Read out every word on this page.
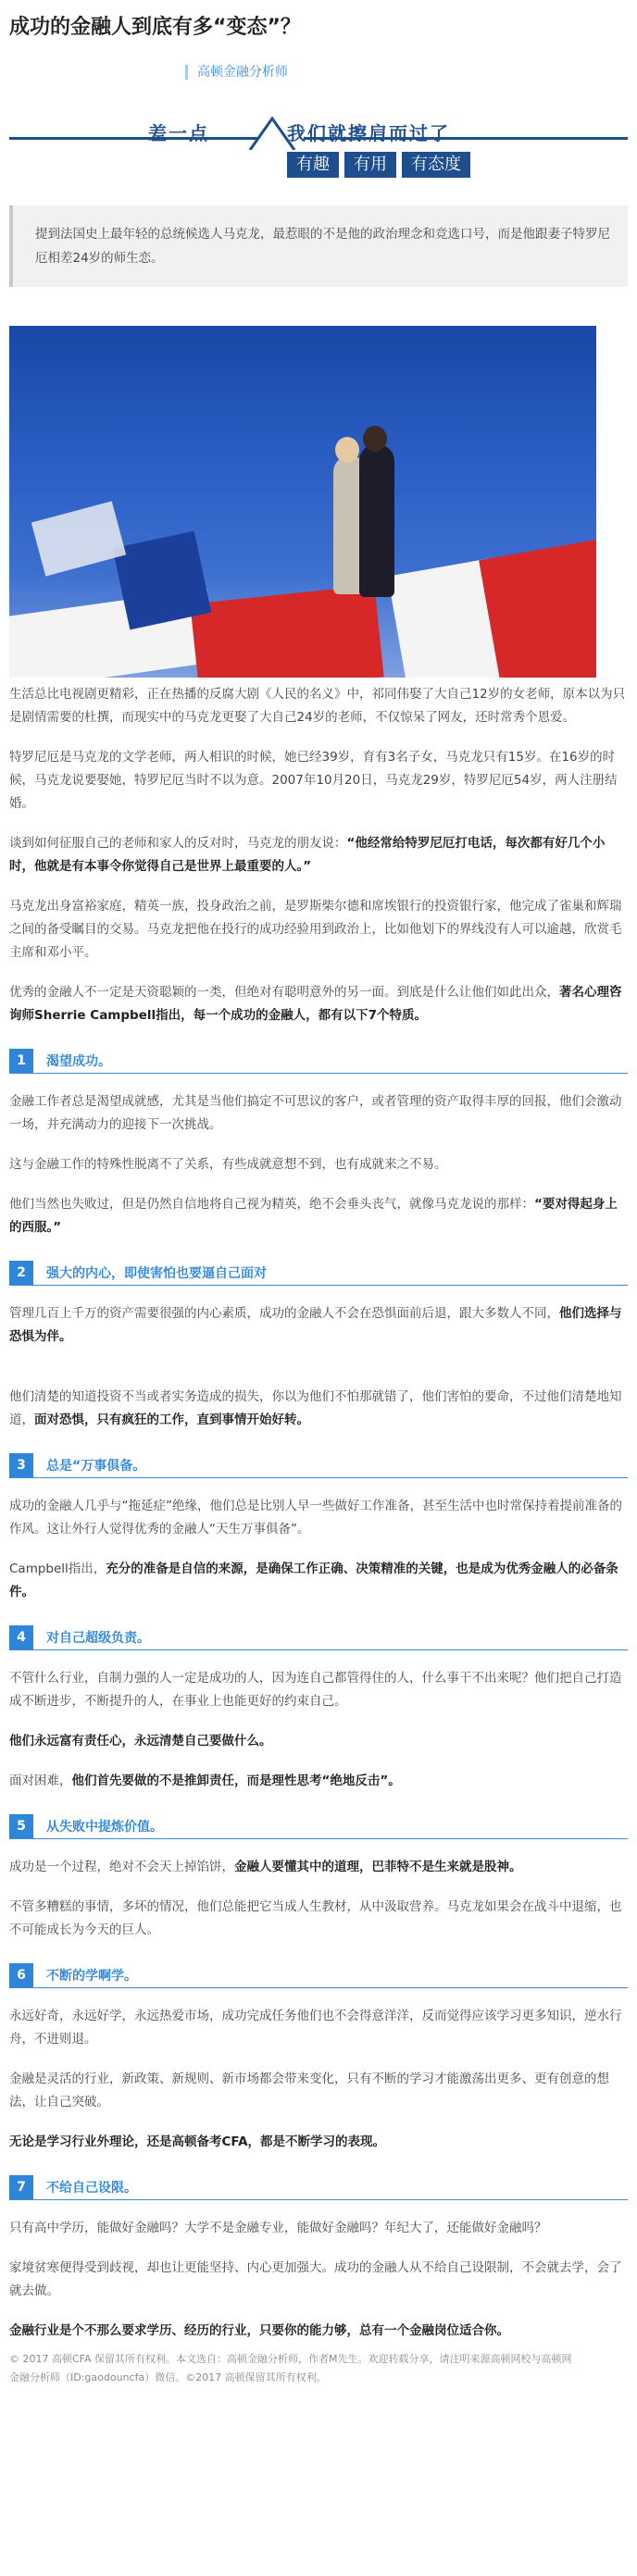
成功的金融人到底有多“变态”？
高顿金融分析师
差一点	我们就擦肩而过了
有趣	有用	有态度
提到法国史上最年轻的总统候选人马克龙，最惹眼的不是他的政治理念和竞选口号，而是他跟妻子特罗尼厄相差24岁的师生恋。

生活总比电视剧更精彩，正在热播的反腐大剧《人民的名义》中，祁同伟娶了大自己12岁的女老师，原本以为只是剧情需要的杜撰，而现实中的马克龙更娶了大自己24岁的老师，不仅惊呆了网友，还时常秀个恩爱。

特罗尼厄是马克龙的文学老师，两人相识的时候，她已经39岁，育有3名子女，马克龙只有15岁。在16岁的时候，马克龙说要娶她，特罗尼厄当时不以为意。2007年10月20日，马克龙29岁，特罗尼厄54岁，两人注册结婚。

谈到如何征服自己的老师和家人的反对时，马克龙的朋友说：“他经常给特罗尼厄打电话，每次都有好几个小时，他就是有本事令你觉得自己是世界上最重要的人。”

马克龙出身富裕家庭，精英一族，投身政治之前，是罗斯柴尔德和席埃银行的投资银行家，他完成了雀巢和辉瑞之间的备受瞩目的交易。马克龙把他在投行的成功经验用到政治上，比如他划下的界线没有人可以逾越，欣赏毛主席和邓小平。

优秀的金融人不一定是天资聪颖的一类，但绝对有聪明意外的另一面。到底是什么让他们如此出众，著名心理咨询师Sherrie Campbell指出，每一个成功的金融人，都有以下7个特质。

1	渴望成功。

金融工作者总是渴望成就感，尤其是当他们搞定不可思议的客户，或者管理的资产取得丰厚的回报，他们会激动一场，并充满动力的迎接下一次挑战。

这与金融工作的特殊性脱离不了关系，有些成就意想不到，也有成就来之不易。

他们当然也失败过，但是仍然自信地将自己视为精英，绝不会垂头丧气，就像马克龙说的那样：“要对得起身上的西服。”

2	强大的内心，即使害怕也要逼自己面对

管理几百上千万的资产需要很强的内心素质，成功的金融人不会在恐惧面前后退，跟大多数人不同，他们选择与恐惧为伴。

他们清楚的知道投资不当或者实务造成的损失，你以为他们不怕那就错了，他们害怕的要命，不过他们清楚地知道，面对恐惧，只有疯狂的工作，直到事情开始好转。

3	总是“万事俱备。

成功的金融人几乎与“拖延症”绝缘，他们总是比别人早一些做好工作准备，甚至生活中也时常保持着提前准备的作风。这让外行人觉得优秀的金融人“天生万事俱备”。

Campbell指出，充分的准备是自信的来源，是确保工作正确、决策精准的关键，也是成为优秀金融人的必备条件。

4	对自己超级负责。

不管什么行业，自制力强的人一定是成功的人，因为连自己都管得住的人，什么事干不出来呢？他们把自己打造成不断进步，不断提升的人，在事业上也能更好的约束自己。

他们永远富有责任心，永远清楚自己要做什么。

面对困难，他们首先要做的不是推卸责任，而是理性思考“绝地反击”。

5	从失败中提炼价值。

成功是一个过程，绝对不会天上掉馅饼，金融人要懂其中的道理，巴菲特不是生来就是股神。

不管多糟糕的事情，多坏的情况，他们总能把它当成人生教材，从中汲取营养。马克龙如果会在战斗中退缩，也不可能成长为今天的巨人。

6	不断的学啊学。

永远好奇，永远好学，永远热爱市场，成功完成任务他们也不会得意洋洋，反而觉得应该学习更多知识，逆水行舟，不进则退。

金融是灵活的行业，新政策、新规则、新市场都会带来变化，只有不断的学习才能激荡出更多、更有创意的想法，让自己突破。

无论是学习行业外理论，还是高顿备考CFA，都是不断学习的表现。

7	不给自己设限。

只有高中学历，能做好金融吗？大学不是金融专业，能做好金融吗？年纪大了，还能做好金融吗？

家境贫寒便得受到歧视，却也让更能坚持、内心更加强大。成功的金融人从不给自己设限制，不会就去学，会了就去做。

金融行业是个不那么要求学历、经历的行业，只要你的能力够，总有一个金融岗位适合你。

© 2017 高顿CFA 保留其所有权利。本文选自：高顿金融分析师，作者M先生。欢迎转载分享，请注明来源高顿网校与高顿网
金融分析师（ID:gaodouncfa）微信。©2017 高顿保留其所有权利。
